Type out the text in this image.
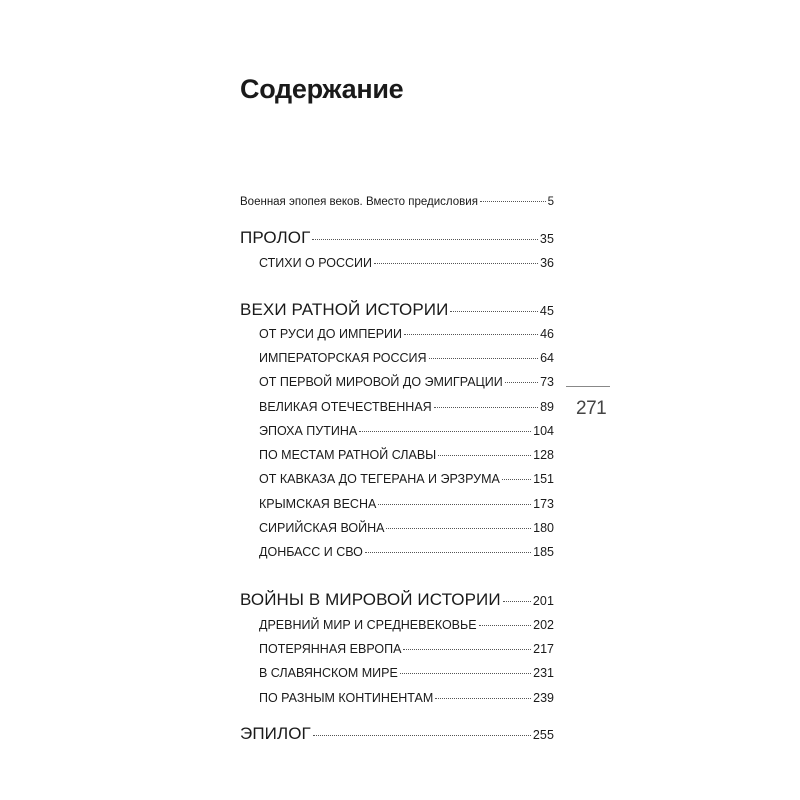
Содержание
Военная эпопея веков. Вместо предисловия	5
ПРОЛОГ	35
СТИХИ О РОССИИ	36
ВЕХИ РАТНОЙ ИСТОРИИ	45
ОТ РУСИ ДО ИМПЕРИИ	46
ИМПЕРАТОРСКАЯ РОССИЯ	64
ОТ ПЕРВОЙ МИРОВОЙ ДО ЭМИГРАЦИИ	73
ВЕЛИКАЯ ОТЕЧЕСТВЕННАЯ	89
ЭПОХА ПУТИНА	104
ПО МЕСТАМ РАТНОЙ СЛАВЫ	128
ОТ КАВКАЗА ДО ТЕГЕРАНА И ЭРЗРУМА	151
КРЫМСКАЯ ВЕСНА	173
СИРИЙСКАЯ ВОЙНА	180
ДОНБАСС И СВО	185
ВОЙНЫ В МИРОВОЙ ИСТОРИИ	201
ДРЕВНИЙ МИР И СРЕДНЕВЕКОВЬЕ	202
ПОТЕРЯННАЯ ЕВРОПА	217
В СЛАВЯНСКОМ МИРЕ	231
ПО РАЗНЫМ КОНТИНЕНТАМ	239
ЭПИЛОГ	255
271
